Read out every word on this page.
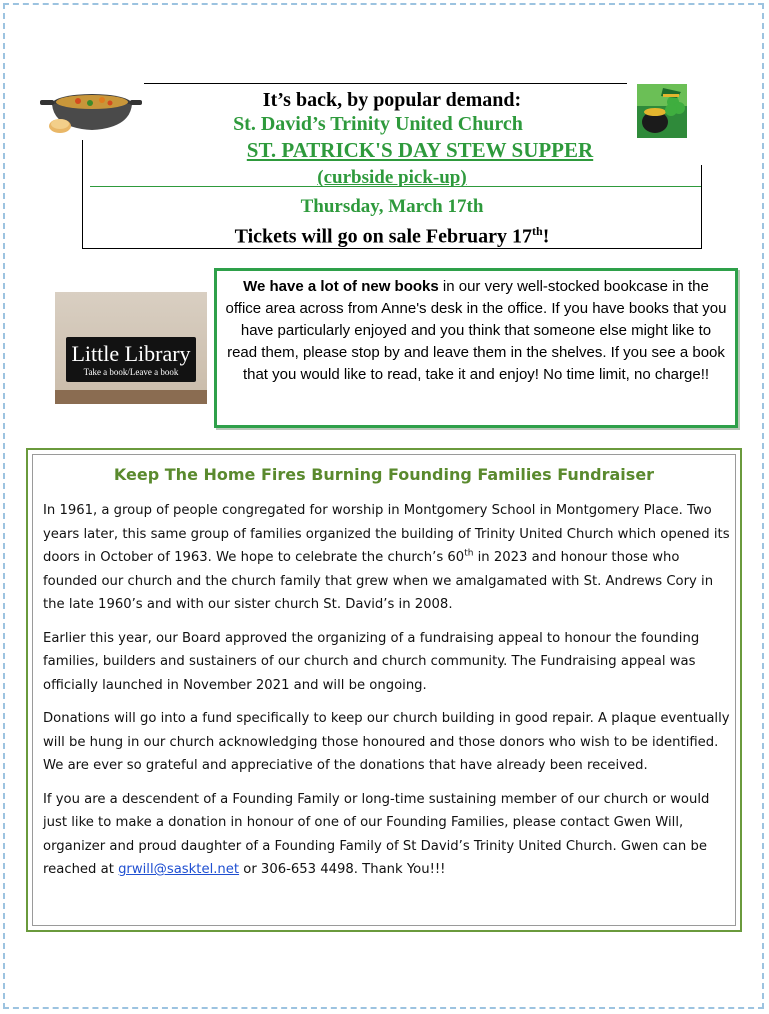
It’s back, by popular demand:
St. David’s Trinity United Church
ST. PATRICK'S DAY STEW SUPPER
(curbside pick-up)
Thursday, March 17th
Tickets will go on sale February 17th!
Little Library
Take a book/Leave a book
We have a lot of new books in our very well-stocked bookcase in the office area across from Anne's desk in the office. If you have books that you have particularly enjoyed and you think that someone else might like to read them, please stop by and leave them in the shelves. If you see a book that you would like to read, take it and enjoy! No time limit, no charge!!
Keep The Home Fires Burning Founding Families Fundraiser

In 1961, a group of people congregated for worship in Montgomery School in Montgomery Place. Two years later, this same group of families organized the building of Trinity United Church which opened its doors in October of 1963. We hope to celebrate the church’s 60th in 2023 and honour those who founded our church and the church family that grew when we amalgamated with St. Andrews Cory in the late 1960’s and with our sister church St. David’s in 2008.

Earlier this year, our Board approved the organizing of a fundraising appeal to honour the founding families, builders and sustainers of our church and church community. The Fundraising appeal was officially launched in November 2021 and will be ongoing.

Donations will go into a fund specifically to keep our church building in good repair. A plaque eventually will be hung in our church acknowledging those honoured and those donors who wish to be identified. We are ever so grateful and appreciative of the donations that have already been received.

If you are a descendent of a Founding Family or long-time sustaining member of our church or would just like to make a donation in honour of one of our Founding Families, please contact Gwen Will, organizer and proud daughter of a Founding Family of St David’s Trinity United Church. Gwen can be reached at grwill@sasktel.net or 306-653 4498. Thank You!!!
